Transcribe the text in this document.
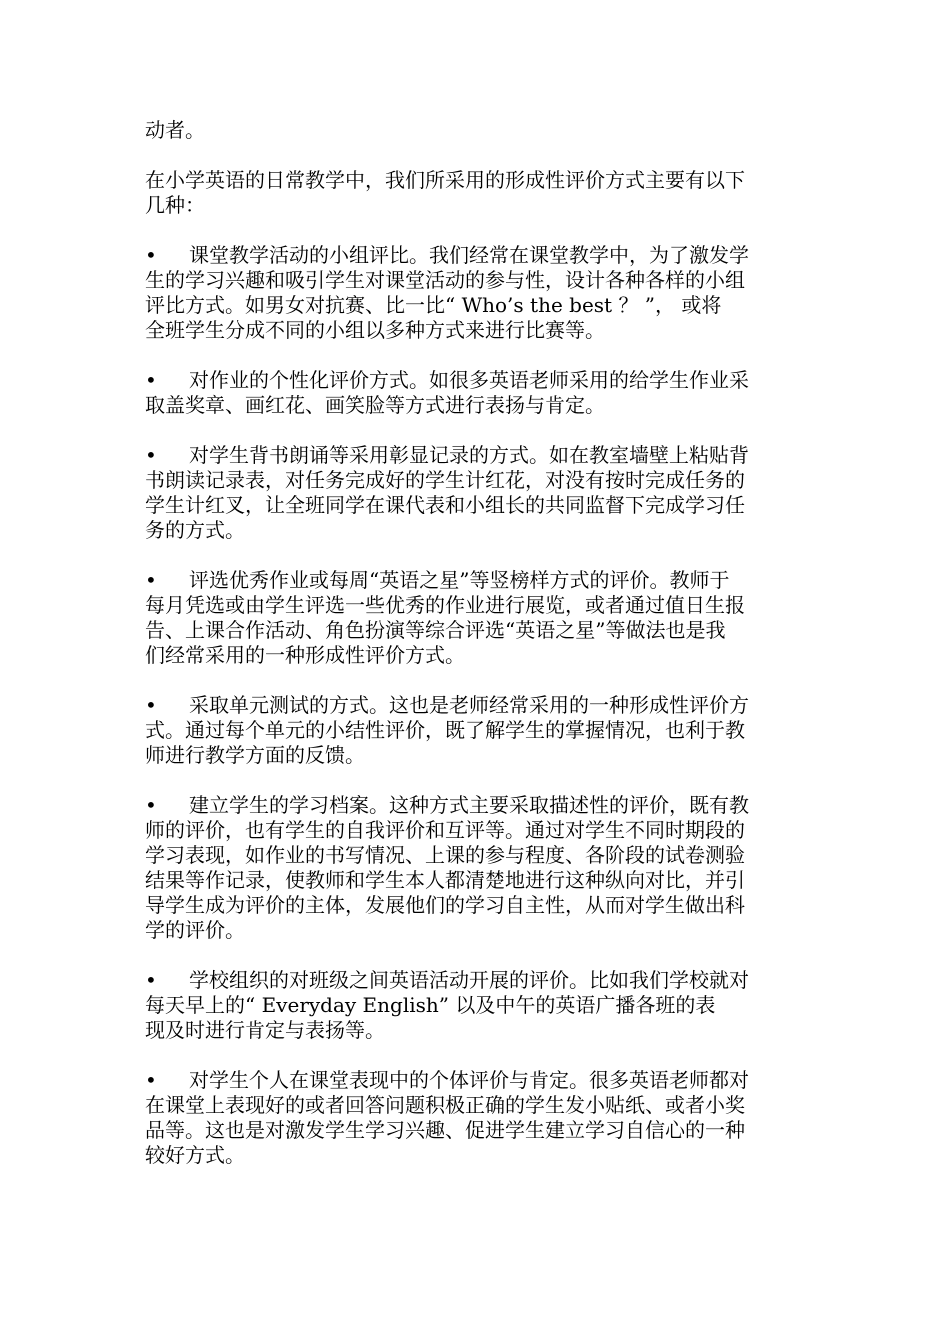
动者。

在小学英语的日常教学中，我们所采用的形成性评价方式主要有以下
几种：

• 课堂教学活动的小组评比。我们经常在课堂教学中，为了激发学
生的学习兴趣和吸引学生对课堂活动的参与性，设计各种各样的小组
评比方式。如男女对抗赛、比一比“ Who’s the best ？ ”， 或将
全班学生分成不同的小组以多种方式来进行比赛等。

• 对作业的个性化评价方式。如很多英语老师采用的给学生作业采
取盖奖章、画红花、画笑脸等方式进行表扬与肯定。

• 对学生背书朗诵等采用彰显记录的方式。如在教室墙壁上粘贴背
书朗读记录表，对任务完成好的学生计红花，对没有按时完成任务的
学生计红叉，让全班同学在课代表和小组长的共同监督下完成学习任
务的方式。

• 评选优秀作业或每周“英语之星”等竖榜样方式的评价。教师于
每月凭选或由学生评选一些优秀的作业进行展览，或者通过值日生报
告、上课合作活动、角色扮演等综合评选“英语之星”等做法也是我
们经常采用的一种形成性评价方式。

• 采取单元测试的方式。这也是老师经常采用的一种形成性评价方
式。通过每个单元的小结性评价，既了解学生的掌握情况，也利于教
师进行教学方面的反馈。

• 建立学生的学习档案。这种方式主要采取描述性的评价，既有教
师的评价，也有学生的自我评价和互评等。通过对学生不同时期段的
学习表现，如作业的书写情况、上课的参与程度、各阶段的试卷测验
结果等作记录，使教师和学生本人都清楚地进行这种纵向对比，并引
导学生成为评价的主体，发展他们的学习自主性，从而对学生做出科
学的评价。

• 学校组织的对班级之间英语活动开展的评价。比如我们学校就对
每天早上的“ Everyday English” 以及中午的英语广播各班的表
现及时进行肯定与表扬等。

• 对学生个人在课堂表现中的个体评价与肯定。很多英语老师都对
在课堂上表现好的或者回答问题积极正确的学生发小贴纸、或者小奖
品等。这也是对激发学生学习兴趣、促进学生建立学习自信心的一种
较好方式。
